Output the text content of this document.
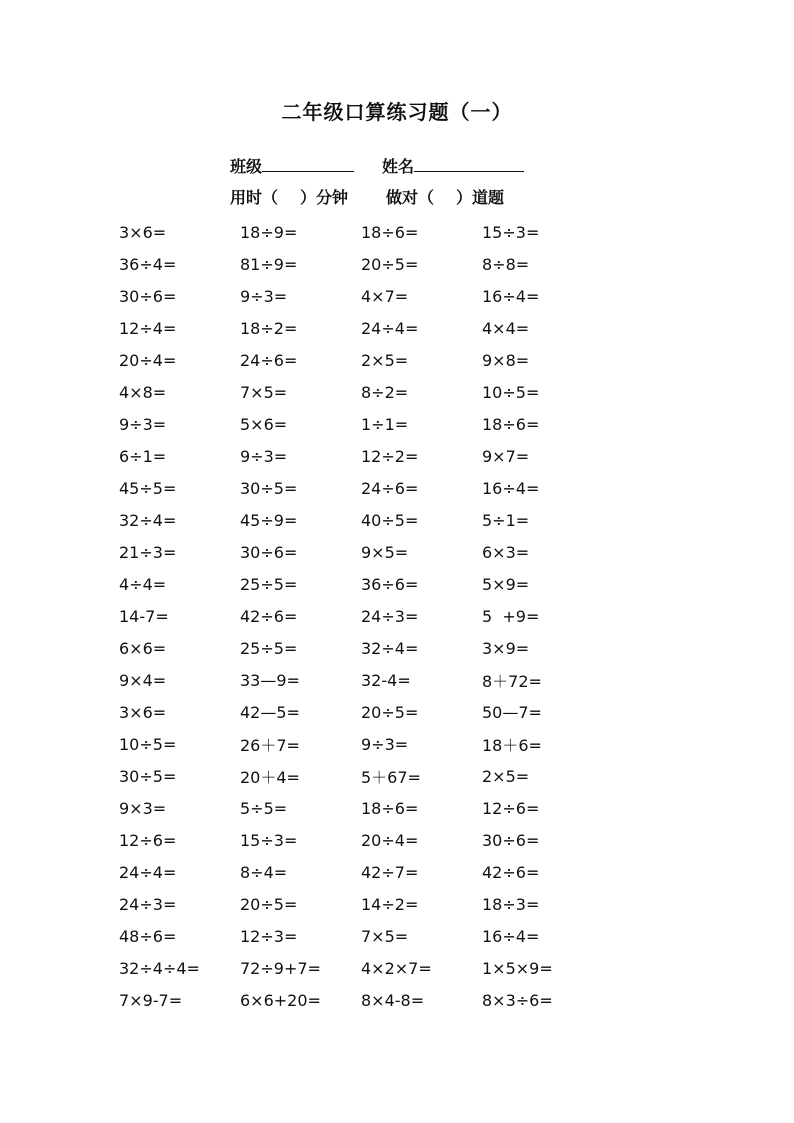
二年级口算练习题（一）
班级	姓名
用时（ ）分钟 做对（ ）道题
3×6=	18÷9=	18÷6=	15÷3=
36÷4=	81÷9=	20÷5=	8÷8=
30÷6=	9÷3=	4×7=	16÷4=
12÷4=	18÷2=	24÷4=	4×4=
20÷4=	24÷6=	2×5=	9×8=
4×8=	7×5=	8÷2=	10÷5=
9÷3=	5×6=	1÷1=	18÷6=
6÷1=	9÷3=	12÷2=	9×7=
45÷5=	30÷5=	24÷6=	16÷4=
32÷4=	45÷9=	40÷5=	5÷1=
21÷3=	30÷6=	9×5=	6×3=
4÷4=	25÷5=	36÷6=	5×9=
14-7=	42÷6=	24÷3=	5  +9=
6×6=	25÷5=	32÷4=	3×9=
9×4=	33—9=	32-4=	8＋72=
3×6=	42—5=	20÷5=	50—7=
10÷5=	26＋7=	9÷3=	18＋6=
30÷5=	20＋4=	5＋67=	2×5=
9×3=	5÷5=	18÷6=	12÷6=
12÷6=	15÷3=	20÷4=	30÷6=
24÷4=	8÷4=	42÷7=	42÷6=
24÷3=	20÷5=	14÷2=	18÷3=
48÷6=	12÷3=	7×5=	16÷4=
32÷4÷4=	72÷9+7=	4×2×7=	1×5×9=
7×9-7=	6×6+20=	8×4-8=	8×3÷6=
